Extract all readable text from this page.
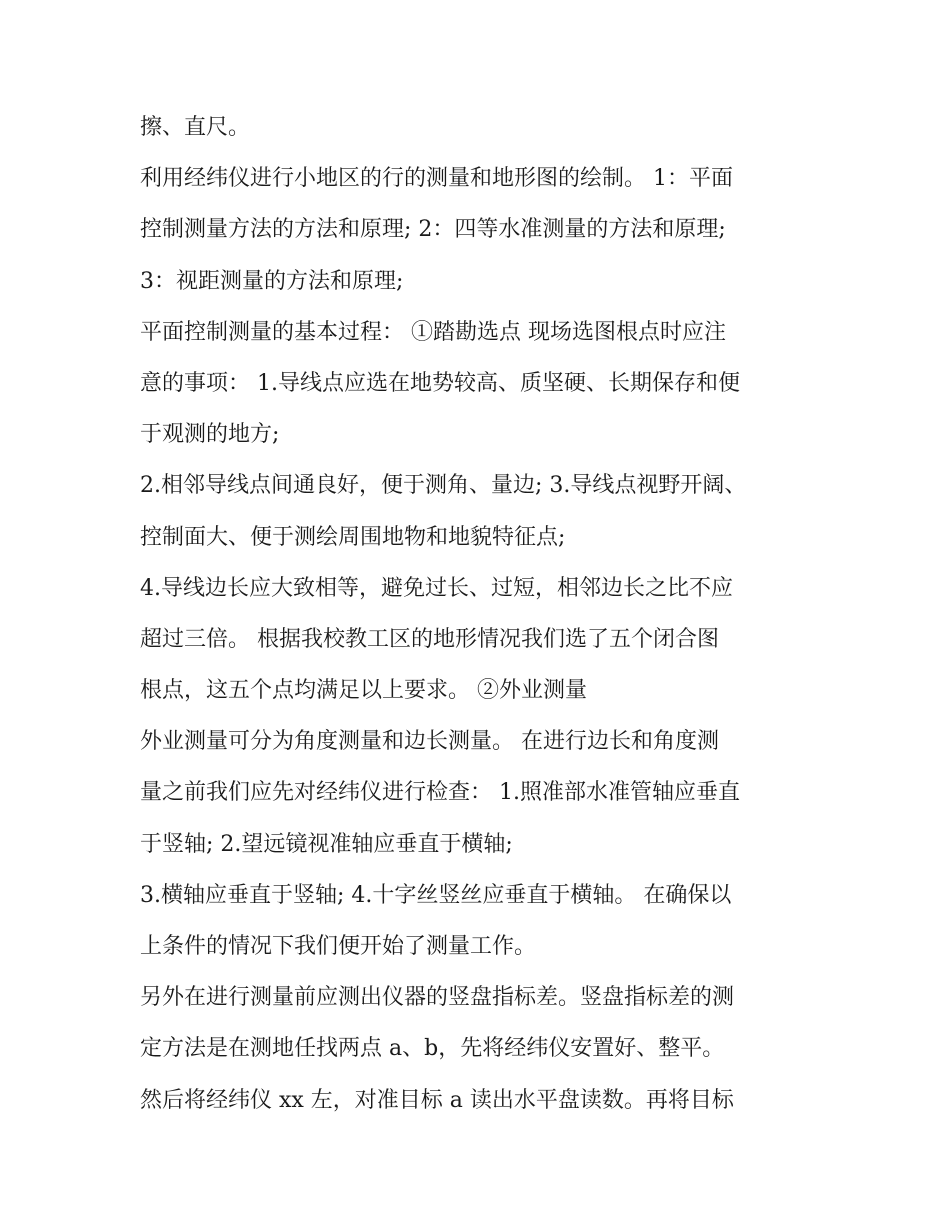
擦、直尺。
利用经纬仪进行小地区的行的测量和地形图的绘制。 1：平面
控制测量方法的方法和原理; 2：四等水准测量的方法和原理;
3：视距测量的方法和原理;
平面控制测量的基本过程： ①踏勘选点 现场选图根点时应注
意的事项： 1.导线点应选在地势较高、质坚硬、长期保存和便
于观测的地方;
2.相邻导线点间通良好，便于测角、量边; 3.导线点视野开阔、
控制面大、便于测绘周围地物和地貌特征点;
4.导线边长应大致相等，避免过长、过短，相邻边长之比不应
超过三倍。 根据我校教工区的地形情况我们选了五个闭合图
根点，这五个点均满足以上要求。 ②外业测量
外业测量可分为角度测量和边长测量。 在进行边长和角度测
量之前我们应先对经纬仪进行检查： 1.照准部水准管轴应垂直
于竖轴; 2.望远镜视准轴应垂直于横轴;
3.横轴应垂直于竖轴; 4.十字丝竖丝应垂直于横轴。 在确保以
上条件的情况下我们便开始了测量工作。
另外在进行测量前应测出仪器的竖盘指标差。竖盘指标差的测
定方法是在测地任找两点 a、b，先将经纬仪安置好、整平。
然后将经纬仪 xx 左，对准目标 a 读出水平盘读数。再将目标
